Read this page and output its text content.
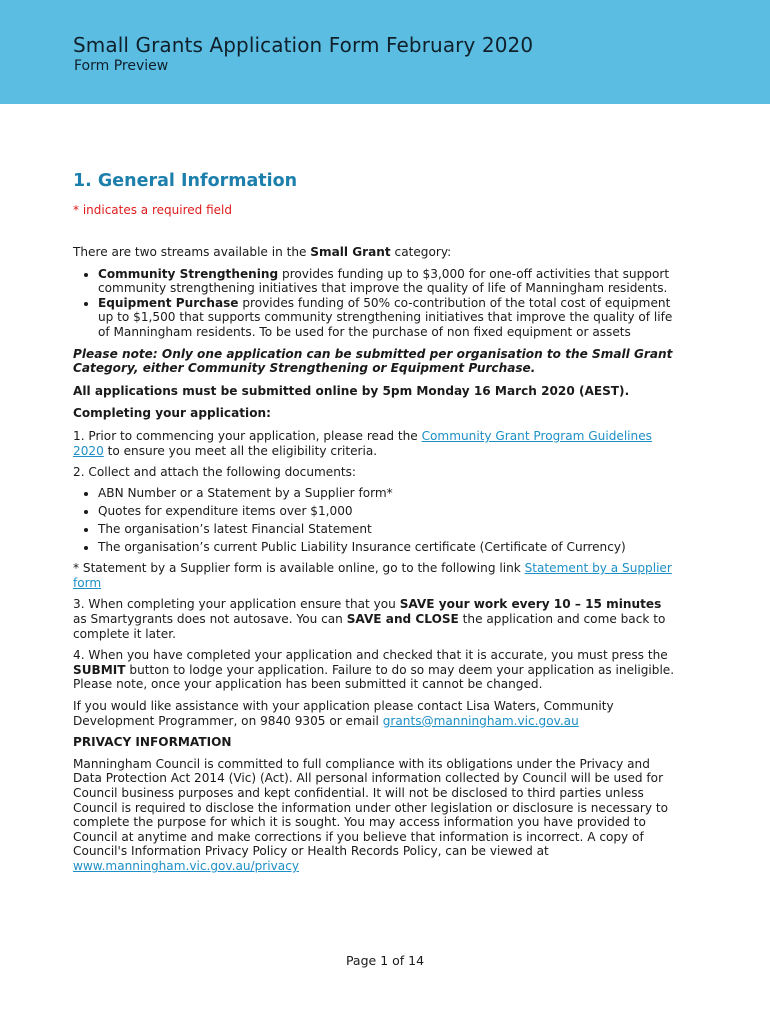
Small Grants Application Form February 2020
Form Preview
1. General Information
* indicates a required field

There are two streams available in the Small Grant category:

• Community Strengthening provides funding up to $3,000 for one-off activities that support community strengthening initiatives that improve the quality of life of Manningham residents.
• Equipment Purchase provides funding of 50% co-contribution of the total cost of equipment up to $1,500 that supports community strengthening initiatives that improve the quality of life of Manningham residents. To be used for the purchase of non fixed equipment or assets

Please note: Only one application can be submitted per organisation to the Small Grant Category, either Community Strengthening or Equipment Purchase.

All applications must be submitted online by 5pm Monday 16 March 2020 (AEST).

Completing your application:

1. Prior to commencing your application, please read the Community Grant Program Guidelines 2020 to ensure you meet all the eligibility criteria.

2. Collect and attach the following documents:

• ABN Number or a Statement by a Supplier form*
• Quotes for expenditure items over $1,000
• The organisation’s latest Financial Statement
• The organisation’s current Public Liability Insurance certificate (Certificate of Currency)

* Statement by a Supplier form is available online, go to the following link Statement by a Supplier form

3. When completing your application ensure that you SAVE your work every 10 – 15 minutes as Smartygrants does not autosave. You can SAVE and CLOSE the application and come back to complete it later.

4. When you have completed your application and checked that it is accurate, you must press the SUBMIT button to lodge your application. Failure to do so may deem your application as ineligible. Please note, once your application has been submitted it cannot be changed.

If you would like assistance with your application please contact Lisa Waters, Community Development Programmer, on 9840 9305 or email grants@manningham.vic.gov.au

PRIVACY INFORMATION

Manningham Council is committed to full compliance with its obligations under the Privacy and Data Protection Act 2014 (Vic) (Act). All personal information collected by Council will be used for Council business purposes and kept confidential. It will not be disclosed to third parties unless Council is required to disclose the information under other legislation or disclosure is necessary to complete the purpose for which it is sought. You may access information you have provided to Council at anytime and make corrections if you believe that information is incorrect. A copy of Council's Information Privacy Policy or Health Records Policy, can be viewed at www.manningham.vic.gov.au/privacy

Page 1 of 14
